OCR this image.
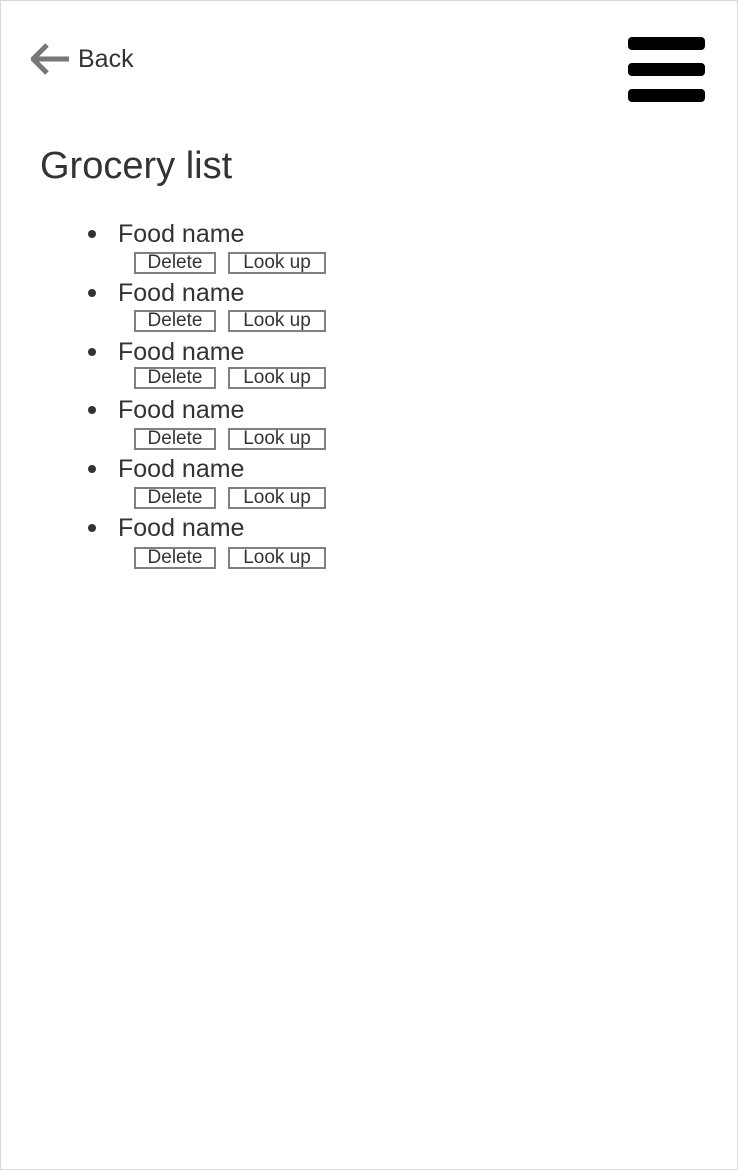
Back
Grocery list
Food name
Delete	Look up
Food name
Delete	Look up
Food name
Delete	Look up
Food name
Delete	Look up
Food name
Delete	Look up
Food name
Delete	Look up
